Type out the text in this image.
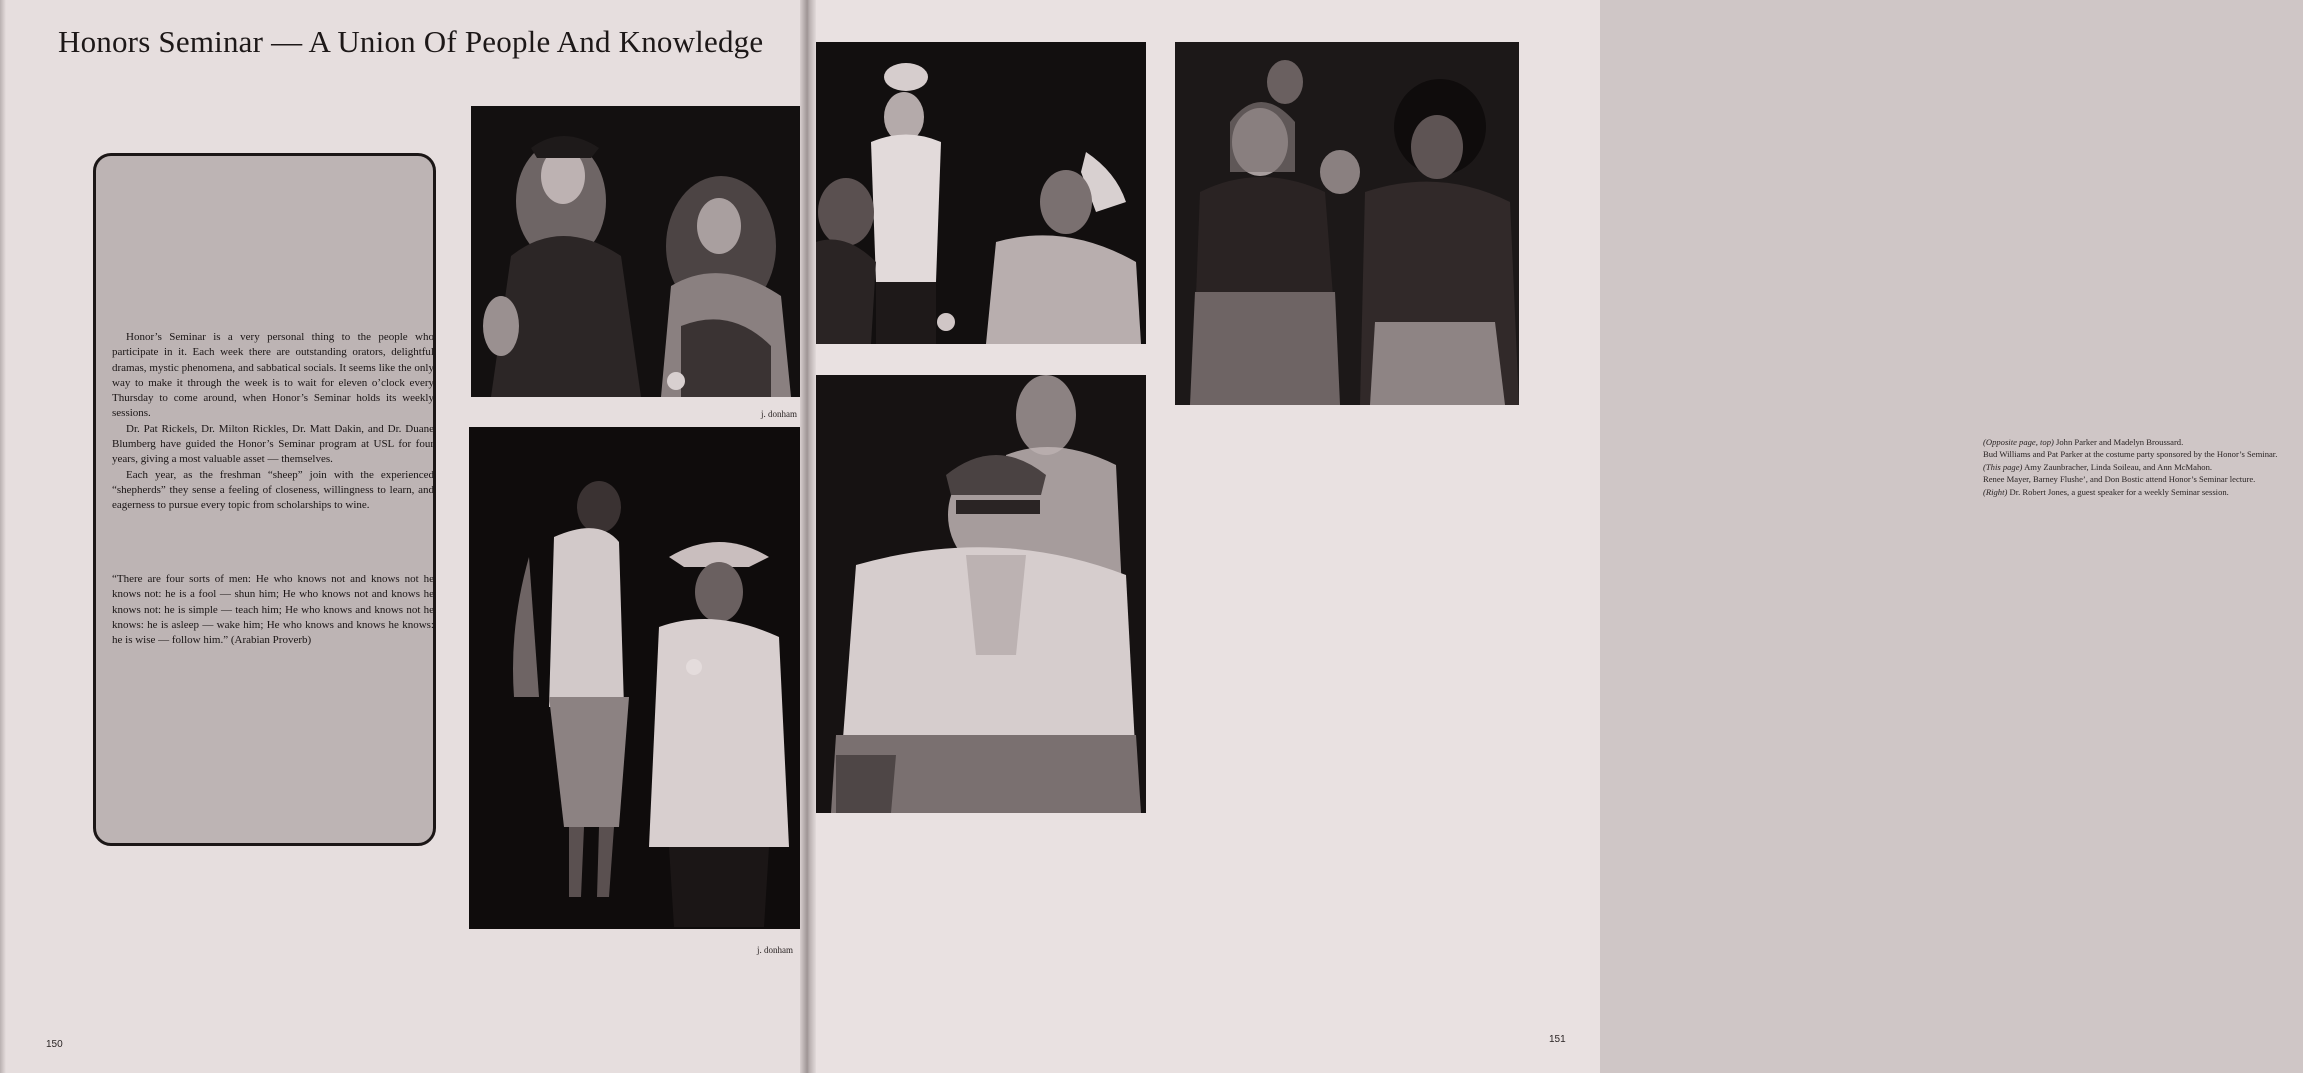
Honors Seminar — A Union Of People And Knowledge

Honor’s Seminar is a very personal thing to the people who participate in it. Each week there are outstanding orators, delightful dramas, mystic phenomena, and sabbatical socials. It seems like the only way to make it through the week is to wait for eleven o’clock every Thursday to come around, when Honor’s Seminar holds its weekly sessions.

Dr. Pat Rickels, Dr. Milton Rickles, Dr. Matt Dakin, and Dr. Duane Blumberg have guided the Honor’s Seminar program at USL for four years, giving a most valuable asset — themselves.

Each year, as the freshman “sheep” join with the experienced “shepherds” they sense a feeling of closeness, willingness to learn, and eagerness to pursue every topic from scholarships to wine.

“There are four sorts of men: He who knows not and knows not he knows not: he is a fool — shun him; He who knows not and knows he knows not: he is simple — teach him; He who knows and knows not he knows: he is asleep — wake him; He who knows and knows he knows: he is wise — follow him.” (Arabian Proverb)
j. donham
j. donham
150

(Opposite page, top) John Parker and Madelyn Broussard.

Bud Williams and Pat Parker at the costume party sponsored by the Honor’s Seminar.

(This page) Amy Zaunbracher, Linda Soileau, and Ann McMahon.

Renee Mayer, Barney Flushe’, and Don Bostic attend Honor’s Seminar lecture.

(Right) Dr. Robert Jones, a guest speaker for a weekly Seminar session.

151
